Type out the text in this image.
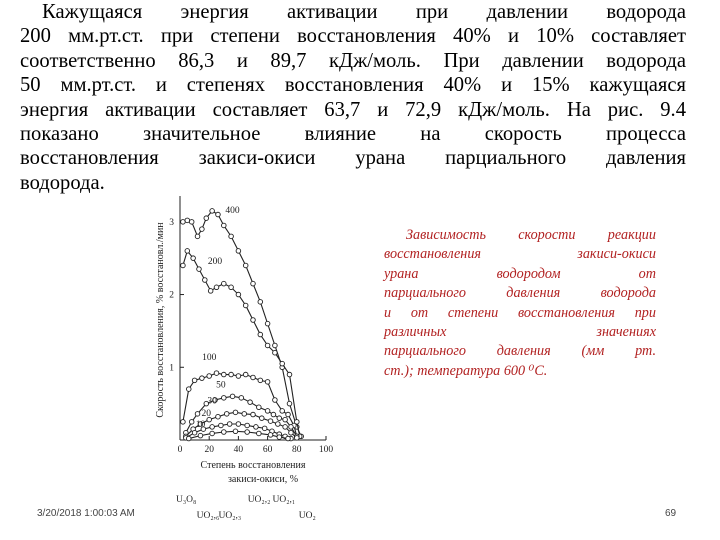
Кажущаяся энергия активации при давлении водорода
200 мм.рт.ст. при степени восстановления 40% и 10% составляет
соответственно 86,3 и 89,7 кДж/моль. При давлении водорода
50 мм.рт.ст. и степенях восстановления 40% и 15% кажущаяся
энергия активации составляет 63,7 и 72,9 кДж/моль. На рис. 9.4
показано значительное влияние на скорость процесса
восстановления закиси-окиси урана парциального давления
водорода.
1
2
3
0 20 40 60 80 100
Скорость восстановления, % восстановл./мин
Степень восстановления
закиси-окиси, %
U₃O₈
UO₂,₆ UO₂,₃
UO₂,₂ UO₂,₁
UO₂
400
200
100
50
30
20
10
Зависимость скорости реакции
восстановления закиси-окиси
урана водородом от
парциального давления водорода
и от степени восстановления при
различных значениях
парциального давления (мм рт.
ст.); температура 600 ⁰С.
3/20/2018 1:00:03 AM	69
